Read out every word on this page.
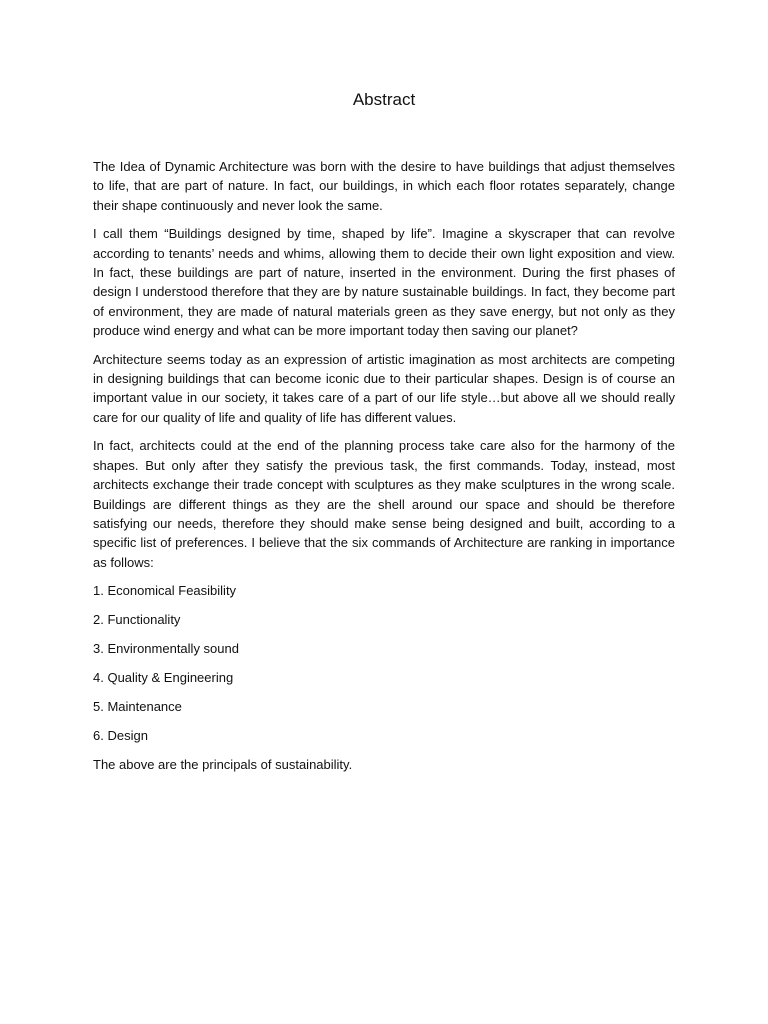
Abstract

The Idea of Dynamic Architecture was born with the desire to have buildings that adjust themselves to life, that are part of nature. In fact, our buildings, in which each floor rotates separately, change their shape continuously and never look the same.

I call them “Buildings designed by time, shaped by life”. Imagine a skyscraper that can revolve according to tenants’ needs and whims, allowing them to decide their own light exposition and view. In fact, these buildings are part of nature, inserted in the environment. During the first phases of design I understood therefore that they are by nature sustainable buildings. In fact, they become part of environment, they are made of natural materials green as they save energy, but not only as they produce wind energy and what can be more important today then saving our planet?

Architecture seems today as an expression of artistic imagination as most architects are competing in designing buildings that can become iconic due to their particular shapes. Design is of course an important value in our society, it takes care of a part of our life style…but above all we should really care for our quality of life and quality of life has different values.

In fact, architects could at the end of the planning process take care also for the harmony of the shapes. But only after they satisfy the previous task, the first commands. Today, instead, most architects exchange their trade concept with sculptures as they make sculptures in the wrong scale. Buildings are different things as they are the shell around our space and should be therefore satisfying our needs, therefore they should make sense being designed and built, according to a specific list of preferences. I believe that the six commands of Architecture are ranking in importance as follows:

1. Economical Feasibility

2. Functionality

3. Environmentally sound

4. Quality & Engineering

5. Maintenance

6. Design

The above are the principals of sustainability.
